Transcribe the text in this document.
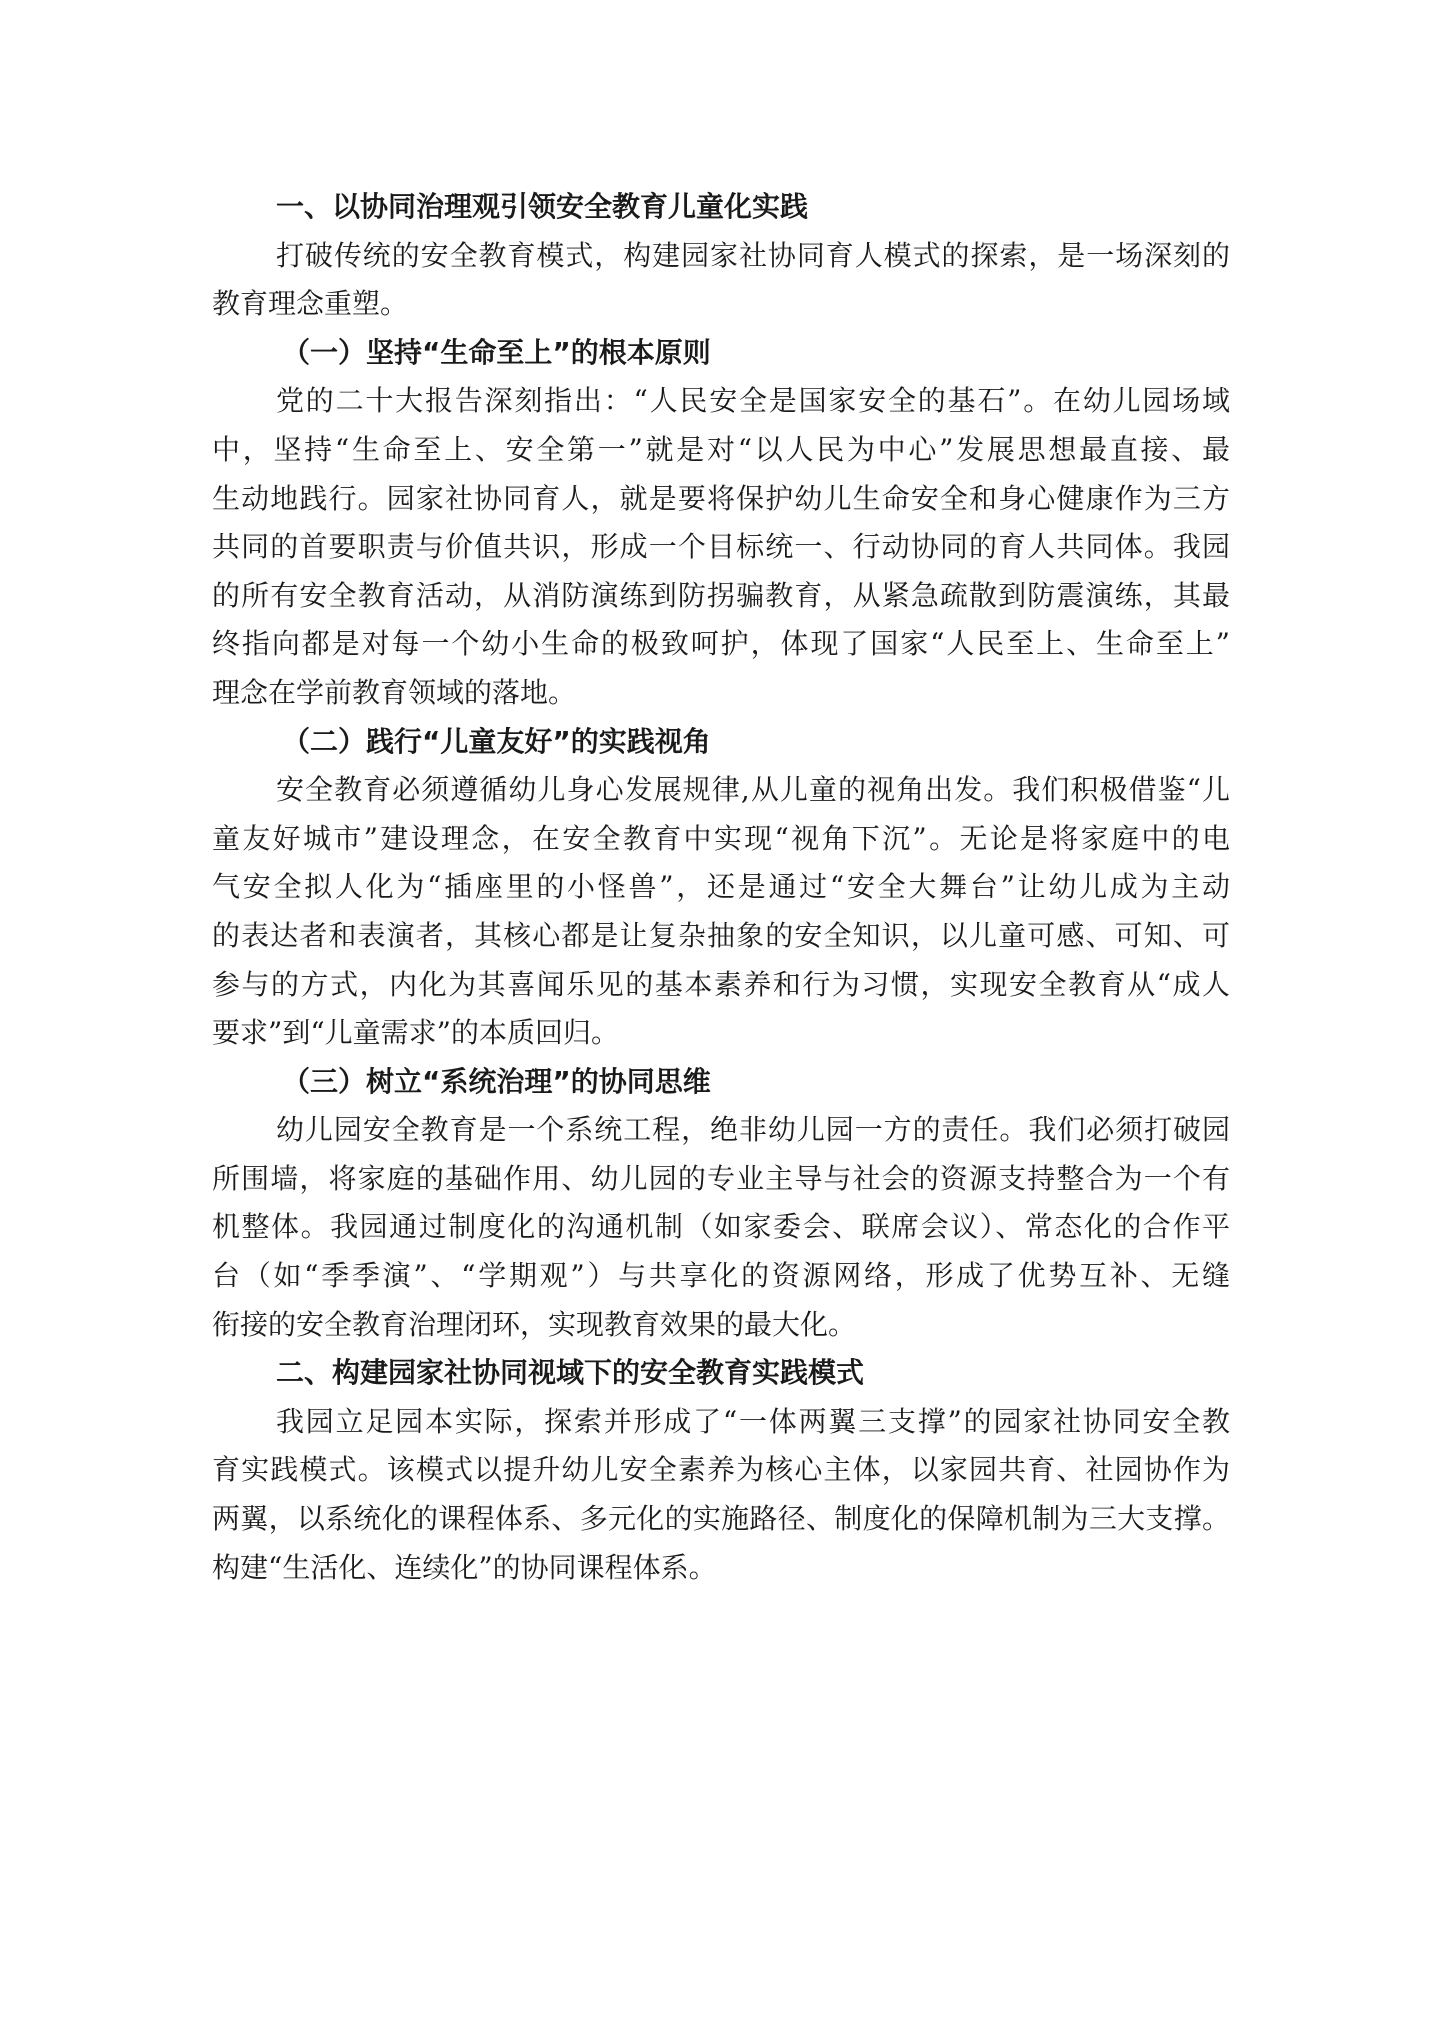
一、以协同治理观引领安全教育儿童化实践
打破传统的安全教育模式，构建园家社协同育人模式的探索，是一场深刻的
教育理念重塑。
（一）坚持“生命至上”的根本原则
党的二十大报告深刻指出：“人民安全是国家安全的基石”。在幼儿园场域
中，坚持“生命至上、安全第一”就是对“以人民为中心”发展思想最直接、最
生动地践行。园家社协同育人，就是要将保护幼儿生命安全和身心健康作为三方
共同的首要职责与价值共识，形成一个目标统一、行动协同的育人共同体。我园
的所有安全教育活动，从消防演练到防拐骗教育，从紧急疏散到防震演练，其最
终指向都是对每一个幼小生命的极致呵护，体现了国家“人民至上、生命至上”
理念在学前教育领域的落地。
（二）践行“儿童友好”的实践视角
安全教育必须遵循幼儿身心发展规律,从儿童的视角出发。我们积极借鉴“儿
童友好城市”建设理念，在安全教育中实现“视角下沉”。无论是将家庭中的电
气安全拟人化为“插座里的小怪兽”，还是通过“安全大舞台”让幼儿成为主动
的表达者和表演者，其核心都是让复杂抽象的安全知识，以儿童可感、可知、可
参与的方式，内化为其喜闻乐见的基本素养和行为习惯，实现安全教育从“成人
要求”到“儿童需求”的本质回归。
（三）树立“系统治理”的协同思维
幼儿园安全教育是一个系统工程，绝非幼儿园一方的责任。我们必须打破园
所围墙，将家庭的基础作用、幼儿园的专业主导与社会的资源支持整合为一个有
机整体。我园通过制度化的沟通机制（如家委会、联席会议）、常态化的合作平
台（如“季季演”、“学期观”）与共享化的资源网络，形成了优势互补、无缝
衔接的安全教育治理闭环，实现教育效果的最大化。
二、构建园家社协同视域下的安全教育实践模式
我园立足园本实际，探索并形成了“一体两翼三支撑”的园家社协同安全教
育实践模式。该模式以提升幼儿安全素养为核心主体，以家园共育、社园协作为
两翼，以系统化的课程体系、多元化的实施路径、制度化的保障机制为三大支撑。
构建“生活化、连续化”的协同课程体系。
